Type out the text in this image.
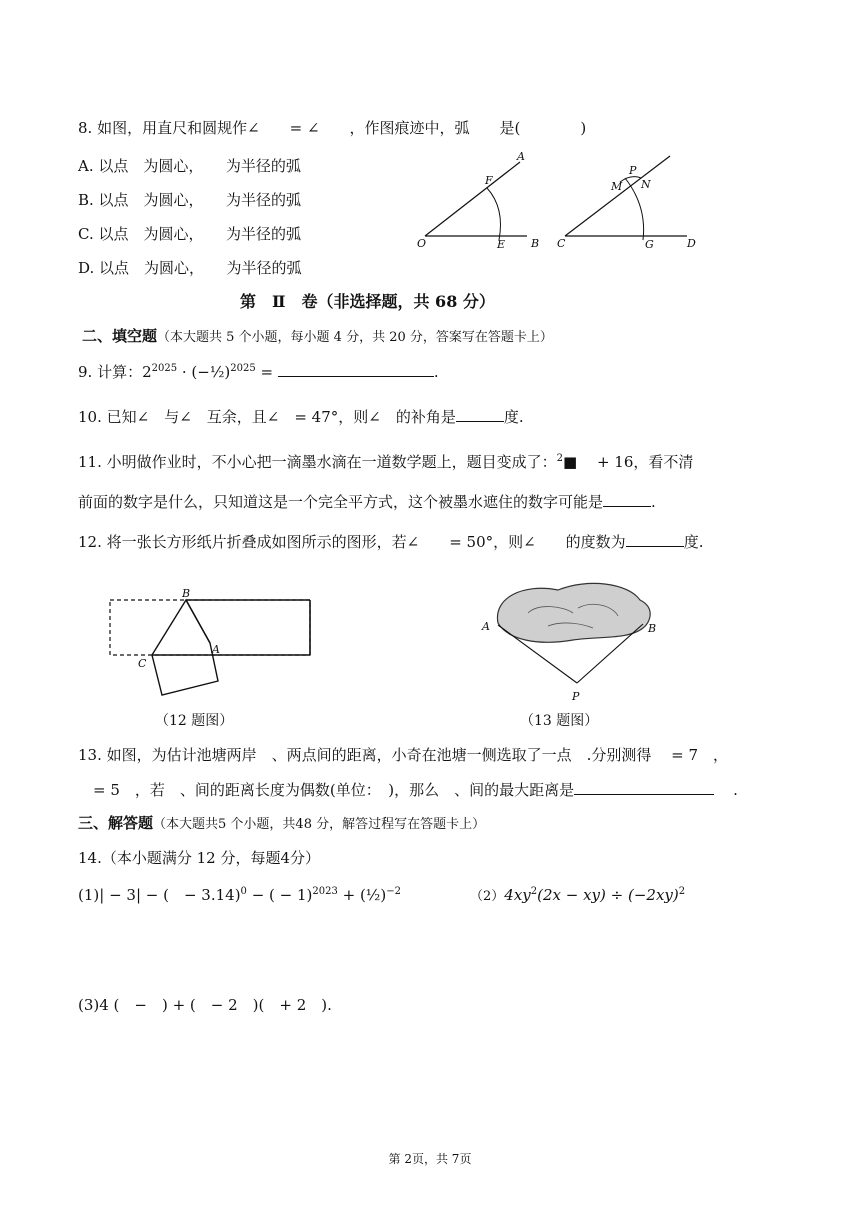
8. 如图，用直尺和圆规作∠　　= ∠　　，作图痕迹中，弧　　是(　　　　)
A. 以点　为圆心，　　为半径的弧
B. 以点　为圆心，　　为半径的弧
C. 以点　为圆心，　　为半径的弧
D. 以点　为圆心，　　为半径的弧
O	E B
F
A
C	G	D
M N
P
第　Ⅱ　卷（非选择题，共 68 分）
二、填空题（本大题共 5 个小题，每小题 4 分，共 20 分，答案写在答题卡上）
9. 计算：$2^{2025}$ · (−½)$^{2025}$ =	.
10. 已知∠　与∠　互余，且∠　= 47°，则∠　的补角是	度.
11. 小明做作业时，不小心把一滴墨水滴在一道数学题上，题目变成了：$^2$■　 + 16，看不清
前面的数字是什么，只知道这是一个完全平方式，这个被墨水遮住的数字可能是	.
12. 将一张长方形纸片折叠成如图所示的图形，若∠　　= 50°，则∠　　的度数为	度.
B
C
A
（12 题图）
A	B
P
（13 题图）
13. 如图，为估计池塘两岸　、两点间的距离，小奇在池塘一侧选取了一点　.分别测得　 = 7　，
　= 5　，若　、间的距离长度为偶数(单位：　)，那么　、间的最大距离是	.
三、解答题（本大题共5 个小题，共48 分，解答过程写在答题卡上）
14.（本小题满分 12 分，每题4分）
(1)| − 3| − (　− 3.14)$^0$ − ( − 1)$^{2023}$ + (½)$^{-2}$	$(2)4xy^2(2x - xy) \div (-2xy)^2$
(3)4 (　−　) + (　− 2　)(　+ 2　).
第 2页，共 7页
